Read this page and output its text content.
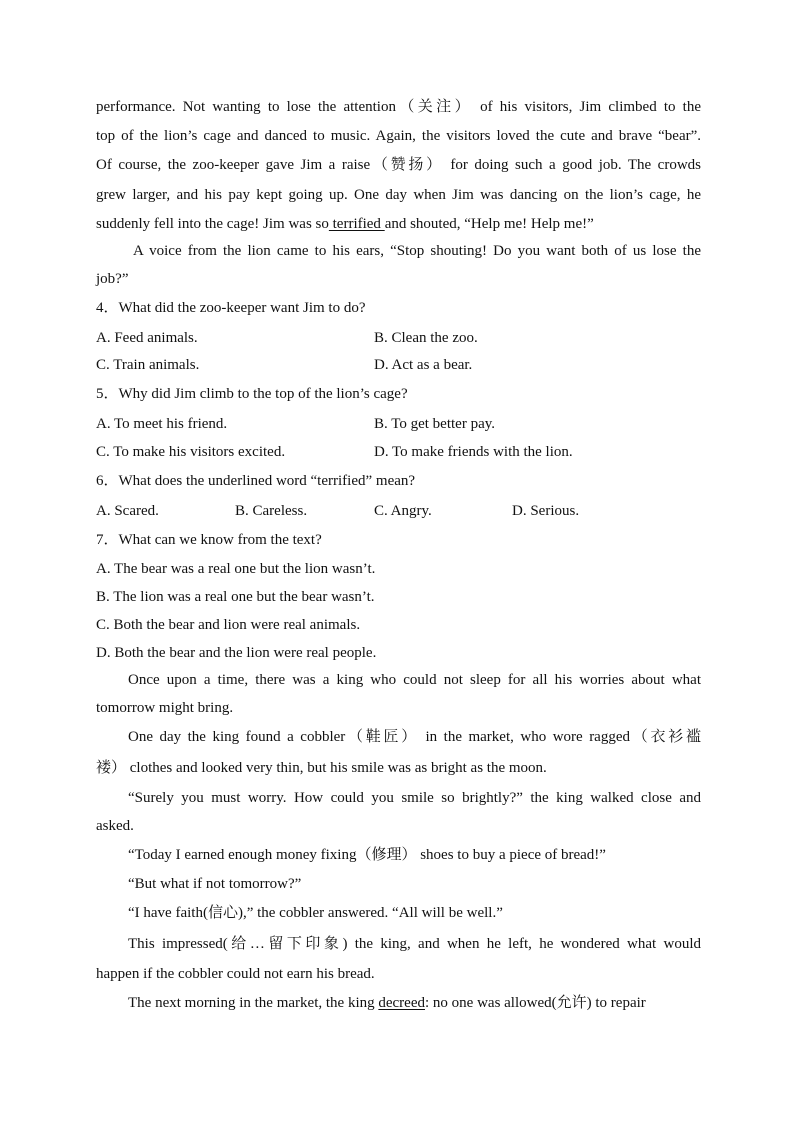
performance. Not wanting to lose the attention（关注） of his visitors, Jim climbed to the
top of the lion’s cage and danced to music. Again, the visitors loved the cute and brave “bear”.
Of course, the zoo-keeper gave Jim a raise（赞扬） for doing such a good job. The crowds
grew larger, and his pay kept going up. One day when Jim was dancing on the lion’s cage, he
suddenly fell into the cage! Jim was so terrified and shouted, “Help me! Help me!”
A voice from the lion came to his ears, “Stop shouting! Do you want both of us lose the
job?”
4．What did the zoo-keeper want Jim to do?
A. Feed animals.	B. Clean the zoo.
C. Train animals.	D. Act as a bear.
5．Why did Jim climb to the top of the lion’s cage?
A. To meet his friend.	B. To get better pay.
C. To make his visitors excited.	D. To make friends with the lion.
6．What does the underlined word “terrified” mean?
A. Scared.	B. Careless.	C. Angry.	D. Serious.
7．What can we know from the text?
A. The bear was a real one but the lion wasn’t.
B. The lion was a real one but the bear wasn’t.
C. Both the bear and lion were real animals.
D. Both the bear and the lion were real people.
Once upon a time, there was a king who could not sleep for all his worries about what
tomorrow might bring.
One day the king found a cobbler（鞋匠） in the market, who wore ragged（衣衫褴
褛） clothes and looked very thin, but his smile was as bright as the moon.
“Surely you must worry. How could you smile so brightly?” the king walked close and
asked.
“Today I earned enough money fixing（修理） shoes to buy a piece of bread!”
“But what if not tomorrow?”
“I have faith(信心),” the cobbler answered. “All will be well.”
This impressed(给…留下印象) the king, and when he left, he wondered what would
happen if the cobbler could not earn his bread.
The next morning in the market, the king decreed: no one was allowed(允许) to repair
